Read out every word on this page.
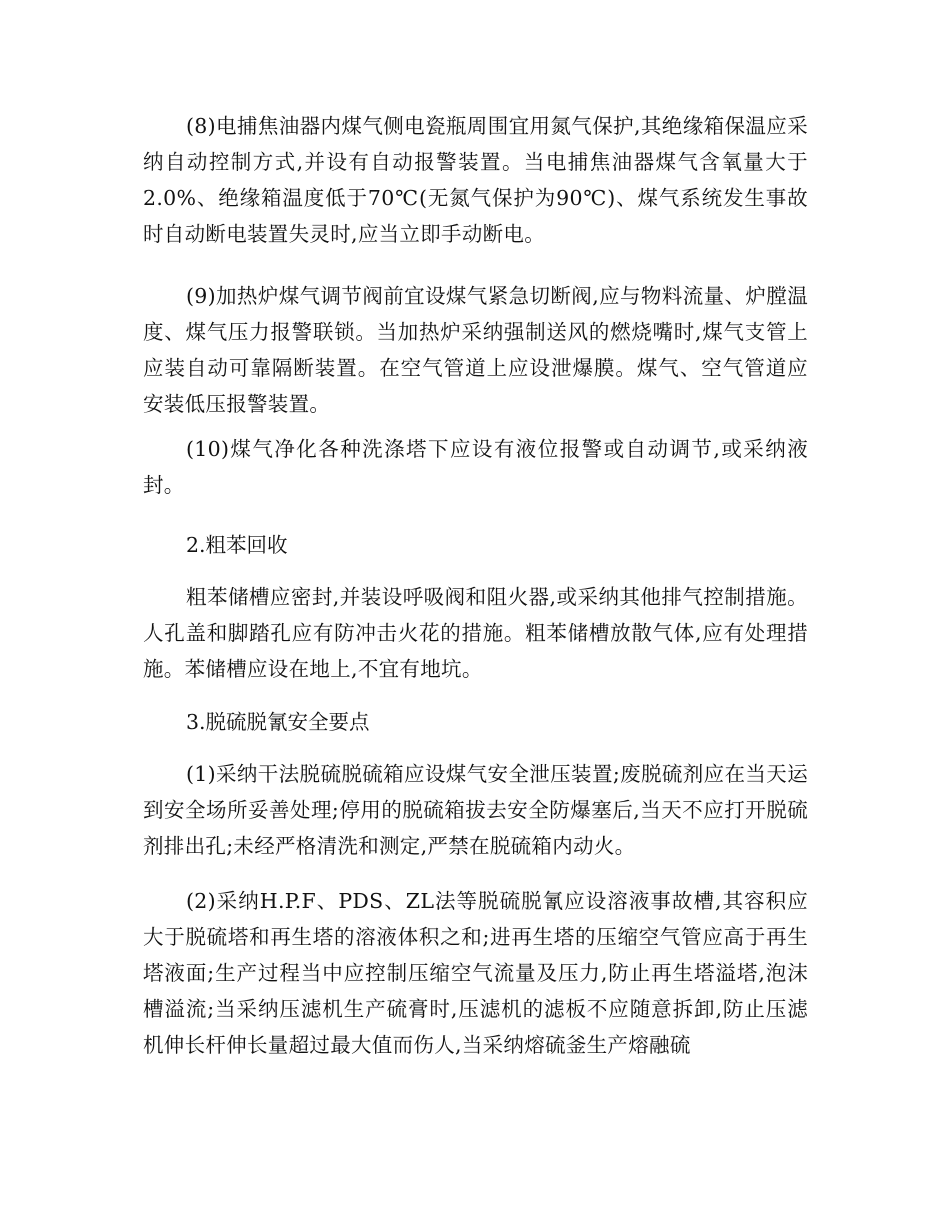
(8)电捕焦油器内煤气侧电瓷瓶周围宜用氮气保护,其绝缘箱保温应采纳自动控制方式,并设有自动报警装置。当电捕焦油器煤气含氧量大于2.0%、绝缘箱温度低于70℃(无氮气保护为90℃)、煤气系统发生事故时自动断电装置失灵时,应当立即手动断电。

(9)加热炉煤气调节阀前宜设煤气紧急切断阀,应与物料流量、炉膛温度、煤气压力报警联锁。当加热炉采纳强制送风的燃烧嘴时,煤气支管上应装自动可靠隔断装置。在空气管道上应设泄爆膜。煤气、空气管道应安装低压报警装置。

(10)煤气净化各种洗涤塔下应设有液位报警或自动调节,或采纳液封。

2.粗苯回收

粗苯储槽应密封,并装设呼吸阀和阻火器,或采纳其他排气控制措施。人孔盖和脚踏孔应有防冲击火花的措施。粗苯储槽放散气体,应有处理措施。苯储槽应设在地上,不宜有地坑。

3.脱硫脱氰安全要点

(1)采纳干法脱硫脱硫箱应设煤气安全泄压装置;废脱硫剂应在当天运到安全场所妥善处理;停用的脱硫箱拔去安全防爆塞后,当天不应打开脱硫剂排出孔;未经严格清洗和测定,严禁在脱硫箱内动火。

(2)采纳H.P.F、PDS、ZL法等脱硫脱氰应设溶液事故槽,其容积应大于脱硫塔和再生塔的溶液体积之和;进再生塔的压缩空气管应高于再生塔液面;生产过程当中应控制压缩空气流量及压力,防止再生塔溢塔,泡沫槽溢流;当采纳压滤机生产硫膏时,压滤机的滤板不应随意拆卸,防止压滤机伸长杆伸长量超过最大值而伤人,当采纳熔硫釜生产熔融硫
